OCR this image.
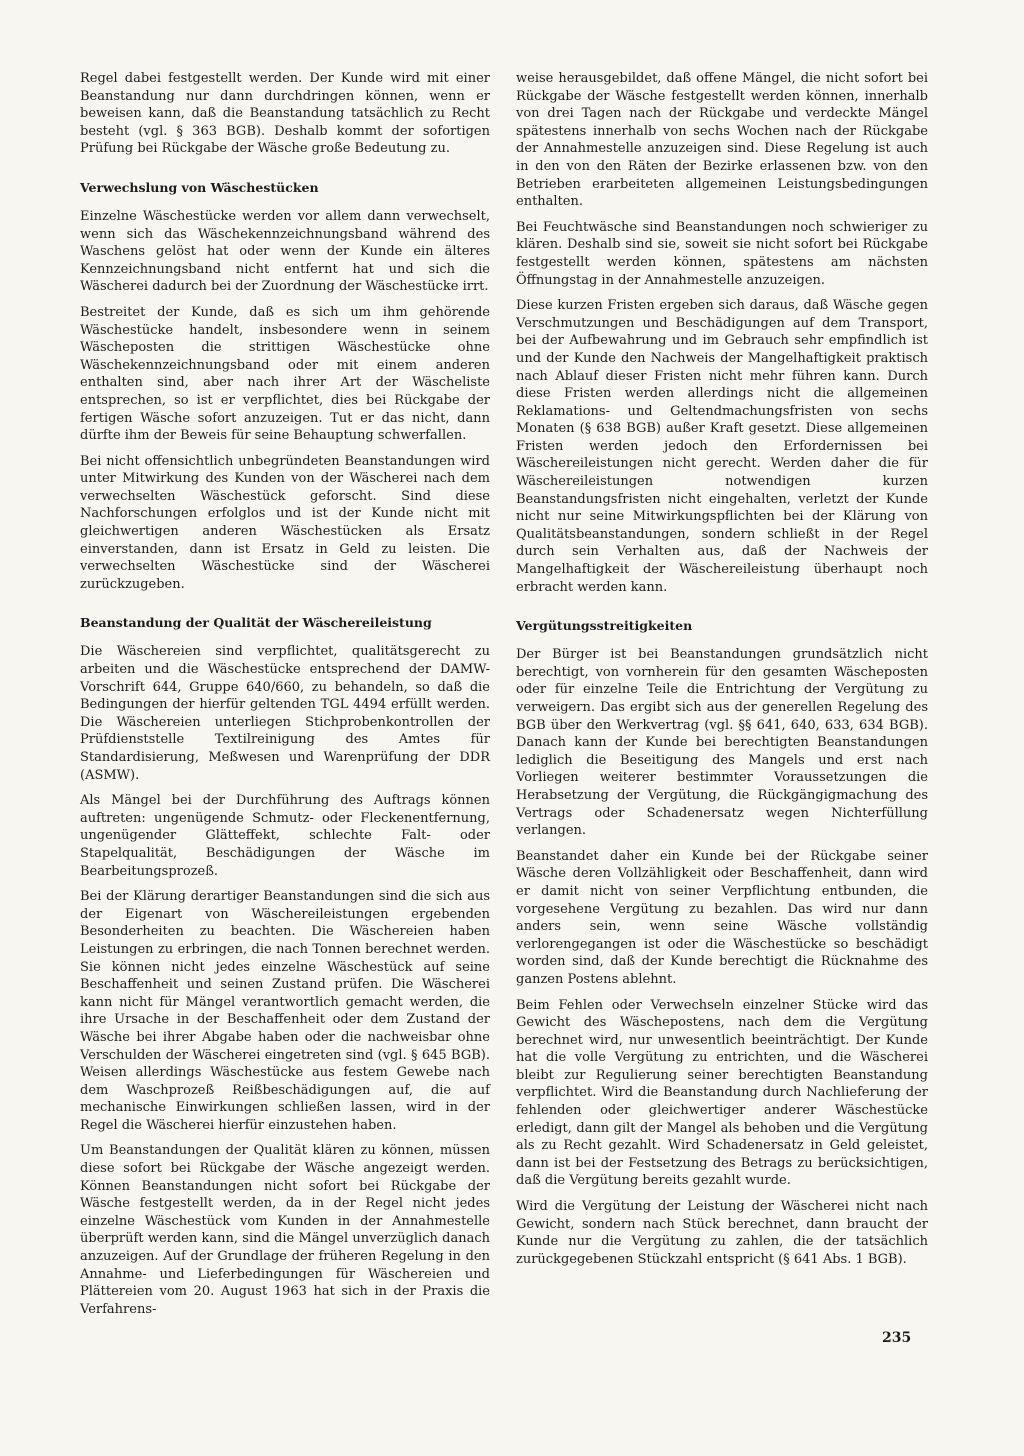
Regel dabei festgestellt werden. Der Kunde wird mit einer Beanstandung nur dann durchdringen können, wenn er beweisen kann, daß die Beanstandung tatsächlich zu Recht besteht (vgl. § 363 BGB). Deshalb kommt der sofortigen Prüfung bei Rückgabe der Wäsche große Bedeutung zu.

Verwechslung von Wäschestücken

Einzelne Wäschestücke werden vor allem dann verwechselt, wenn sich das Wäschekennzeichnungsband während des Waschens gelöst hat oder wenn der Kunde ein älteres Kennzeichnungsband nicht entfernt hat und sich die Wäscherei dadurch bei der Zuordnung der Wäschestücke irrt.

Bestreitet der Kunde, daß es sich um ihm gehörende Wäschestücke handelt, insbesondere wenn in seinem Wäscheposten die strittigen Wäschestücke ohne Wäschekennzeichnungsband oder mit einem anderen enthalten sind, aber nach ihrer Art der Wäscheliste entsprechen, so ist er verpflichtet, dies bei Rückgabe der fertigen Wäsche sofort anzuzeigen. Tut er das nicht, dann dürfte ihm der Beweis für seine Behauptung schwerfallen.

Bei nicht offensichtlich unbegründeten Beanstandungen wird unter Mitwirkung des Kunden von der Wäscherei nach dem verwechselten Wäschestück geforscht. Sind diese Nachforschungen erfolglos und ist der Kunde nicht mit gleichwertigen anderen Wäschestücken als Ersatz einverstanden, dann ist Ersatz in Geld zu leisten. Die verwechselten Wäschestücke sind der Wäscherei zurückzugeben.

Beanstandung der Qualität der Wäschereileistung

Die Wäschereien sind verpflichtet, qualitätsgerecht zu arbeiten und die Wäschestücke entsprechend der DAMW-Vorschrift 644, Gruppe 640/660, zu behandeln, so daß die Bedingungen der hierfür geltenden TGL 4494 erfüllt werden. Die Wäschereien unterliegen Stichprobenkontrollen der Prüfdienststelle Textilreinigung des Amtes für Standardisierung, Meßwesen und Warenprüfung der DDR (ASMW).

Als Mängel bei der Durchführung des Auftrags können auftreten: ungenügende Schmutz- oder Fleckenentfernung, ungenügender Glätteffekt, schlechte Falt- oder Stapelqualität, Beschädigungen der Wäsche im Bearbeitungsprozeß.

Bei der Klärung derartiger Beanstandungen sind die sich aus der Eigenart von Wäschereileistungen ergebenden Besonderheiten zu beachten. Die Wäschereien haben Leistungen zu erbringen, die nach Tonnen berechnet werden. Sie können nicht jedes einzelne Wäschestück auf seine Beschaffenheit und seinen Zustand prüfen. Die Wäscherei kann nicht für Mängel verantwortlich gemacht werden, die ihre Ursache in der Beschaffenheit oder dem Zustand der Wäsche bei ihrer Abgabe haben oder die nachweisbar ohne Verschulden der Wäscherei eingetreten sind (vgl. § 645 BGB). Weisen allerdings Wäschestücke aus festem Gewebe nach dem Waschprozeß Reißbeschädigungen auf, die auf mechanische Einwirkungen schließen lassen, wird in der Regel die Wäscherei hierfür einzustehen haben.

Um Beanstandungen der Qualität klären zu können, müssen diese sofort bei Rückgabe der Wäsche angezeigt werden. Können Beanstandungen nicht sofort bei Rückgabe der Wäsche festgestellt werden, da in der Regel nicht jedes einzelne Wäschestück vom Kunden in der Annahmestelle überprüft werden kann, sind die Mängel unverzüglich danach anzuzeigen. Auf der Grundlage der früheren Regelung in den Annahme- und Lieferbedingungen für Wäschereien und Plättereien vom 20. August 1963 hat sich in der Praxis die Verfahrens-

weise herausgebildet, daß offene Mängel, die nicht sofort bei Rückgabe der Wäsche festgestellt werden können, innerhalb von drei Tagen nach der Rückgabe und verdeckte Mängel spätestens innerhalb von sechs Wochen nach der Rückgabe der Annahmestelle anzuzeigen sind. Diese Regelung ist auch in den von den Räten der Bezirke erlassenen bzw. von den Betrieben erarbeiteten allgemeinen Leistungsbedingungen enthalten.

Bei Feuchtwäsche sind Beanstandungen noch schwieriger zu klären. Deshalb sind sie, soweit sie nicht sofort bei Rückgabe festgestellt werden können, spätestens am nächsten Öffnungstag in der Annahmestelle anzuzeigen.

Diese kurzen Fristen ergeben sich daraus, daß Wäsche gegen Verschmutzungen und Beschädigungen auf dem Transport, bei der Aufbewahrung und im Gebrauch sehr empfindlich ist und der Kunde den Nachweis der Mangelhaftigkeit praktisch nach Ablauf dieser Fristen nicht mehr führen kann. Durch diese Fristen werden allerdings nicht die allgemeinen Reklamations- und Geltendmachungsfristen von sechs Monaten (§ 638 BGB) außer Kraft gesetzt. Diese allgemeinen Fristen werden jedoch den Erfordernissen bei Wäschereileistungen nicht gerecht. Werden daher die für Wäschereileistungen notwendigen kurzen Beanstandungsfristen nicht eingehalten, verletzt der Kunde nicht nur seine Mitwirkungspflichten bei der Klärung von Qualitätsbeanstandungen, sondern schließt in der Regel durch sein Verhalten aus, daß der Nachweis der Mangelhaftigkeit der Wäschereileistung überhaupt noch erbracht werden kann.

Vergütungsstreitigkeiten

Der Bürger ist bei Beanstandungen grundsätzlich nicht berechtigt, von vornherein für den gesamten Wäscheposten oder für einzelne Teile die Entrichtung der Vergütung zu verweigern. Das ergibt sich aus der generellen Regelung des BGB über den Werkvertrag (vgl. §§ 641, 640, 633, 634 BGB). Danach kann der Kunde bei berechtigten Beanstandungen lediglich die Beseitigung des Mangels und erst nach Vorliegen weiterer bestimmter Voraussetzungen die Herabsetzung der Vergütung, die Rückgängigmachung des Vertrags oder Schadenersatz wegen Nichterfüllung verlangen.

Beanstandet daher ein Kunde bei der Rückgabe seiner Wäsche deren Vollzähligkeit oder Beschaffenheit, dann wird er damit nicht von seiner Verpflichtung entbunden, die vorgesehene Vergütung zu bezahlen. Das wird nur dann anders sein, wenn seine Wäsche vollständig verlorengegangen ist oder die Wäschestücke so beschädigt worden sind, daß der Kunde berechtigt die Rücknahme des ganzen Postens ablehnt.

Beim Fehlen oder Verwechseln einzelner Stücke wird das Gewicht des Wäschepostens, nach dem die Vergütung berechnet wird, nur unwesentlich beeinträchtigt. Der Kunde hat die volle Vergütung zu entrichten, und die Wäscherei bleibt zur Regulierung seiner berechtigten Beanstandung verpflichtet. Wird die Beanstandung durch Nachlieferung der fehlenden oder gleichwertiger anderer Wäschestücke erledigt, dann gilt der Mangel als behoben und die Vergütung als zu Recht gezahlt. Wird Schadenersatz in Geld geleistet, dann ist bei der Festsetzung des Betrags zu berücksichtigen, daß die Vergütung bereits gezahlt wurde.

Wird die Vergütung der Leistung der Wäscherei nicht nach Gewicht, sondern nach Stück berechnet, dann braucht der Kunde nur die Vergütung zu zahlen, die der tatsächlich zurückgegebenen Stückzahl entspricht (§ 641 Abs. 1 BGB).

235
